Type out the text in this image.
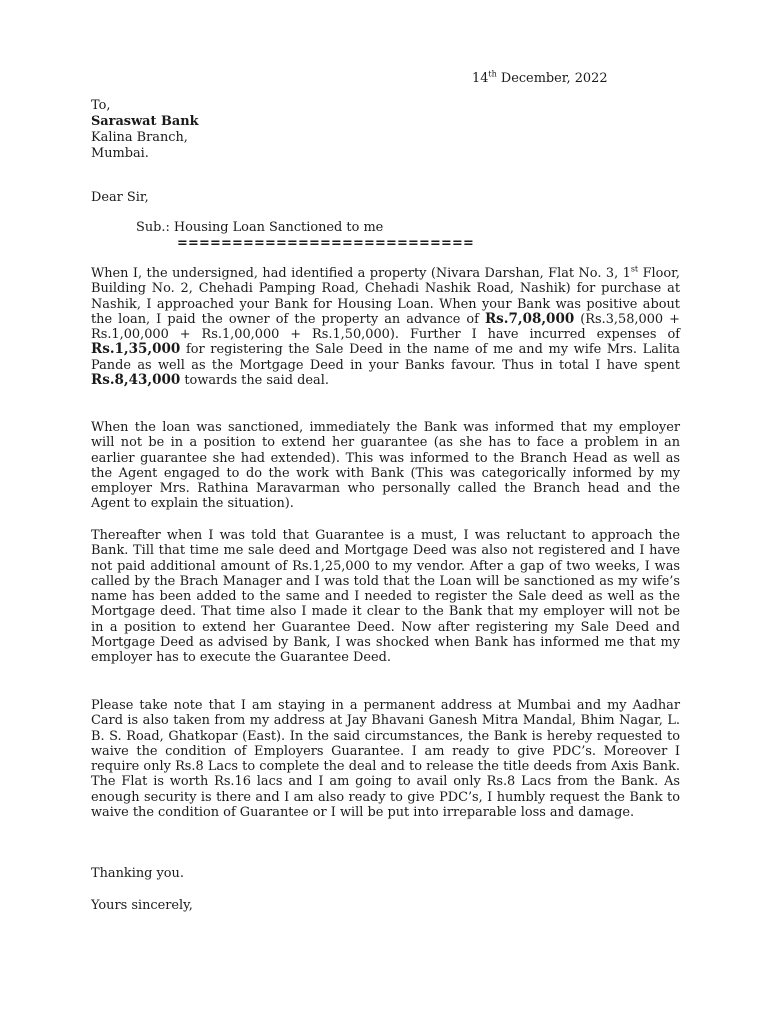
14th December, 2022
To,
Saraswat Bank
Kalina Branch,
Mumbai.
Dear Sir,
Sub.: Housing Loan Sanctioned to me
===========================
When I, the undersigned, had identified a property (Nivara Darshan, Flat No. 3, 1st Floor, Building No. 2, Chehadi Pamping Road, Chehadi Nashik Road, Nashik) for purchase at Nashik, I approached your Bank for Housing Loan. When your Bank was positive about the loan, I paid the owner of the property an advance of Rs.7,08,000 (Rs.3,58,000 + Rs.1,00,000 + Rs.1,00,000 + Rs.1,50,000). Further I have incurred expenses of Rs.1,35,000 for registering the Sale Deed in the name of me and my wife Mrs. Lalita Pande as well as the Mortgage Deed in your Banks favour. Thus in total I have spent Rs.8,43,000 towards the said deal.
When the loan was sanctioned, immediately the Bank was informed that my employer will not be in a position to extend her guarantee (as she has to face a problem in an earlier guarantee she had extended). This was informed to the Branch Head as well as the Agent engaged to do the work with Bank (This was categorically informed by my employer Mrs. Rathina Maravarman who personally called the Branch head and the Agent to explain the situation).
Thereafter when I was told that Guarantee is a must, I was reluctant to approach the Bank. Till that time me sale deed and Mortgage Deed was also not registered and I have not paid additional amount of Rs.1,25,000 to my vendor. After a gap of two weeks, I was called by the Brach Manager and I was told that the Loan will be sanctioned as my wife’s name has been added to the same and I needed to register the Sale deed as well as the Mortgage deed. That time also I made it clear to the Bank that my employer will not be in a position to extend her Guarantee Deed. Now after registering my Sale Deed and Mortgage Deed as advised by Bank, I was shocked when Bank has informed me that my employer has to execute the Guarantee Deed.
Please take note that I am staying in a permanent address at Mumbai and my Aadhar Card is also taken from my address at Jay Bhavani Ganesh Mitra Mandal, Bhim Nagar, L. B. S. Road, Ghatkopar (East). In the said circumstances, the Bank is hereby requested to waive the condition of Employers Guarantee. I am ready to give PDC’s. Moreover I require only Rs.8 Lacs to complete the deal and to release the title deeds from Axis Bank. The Flat is worth Rs.16 lacs and I am going to avail only Rs.8 Lacs from the Bank. As enough security is there and I am also ready to give PDC’s, I humbly request the Bank to waive the condition of Guarantee or I will be put into irreparable loss and damage.
Thanking you.
Yours sincerely,
